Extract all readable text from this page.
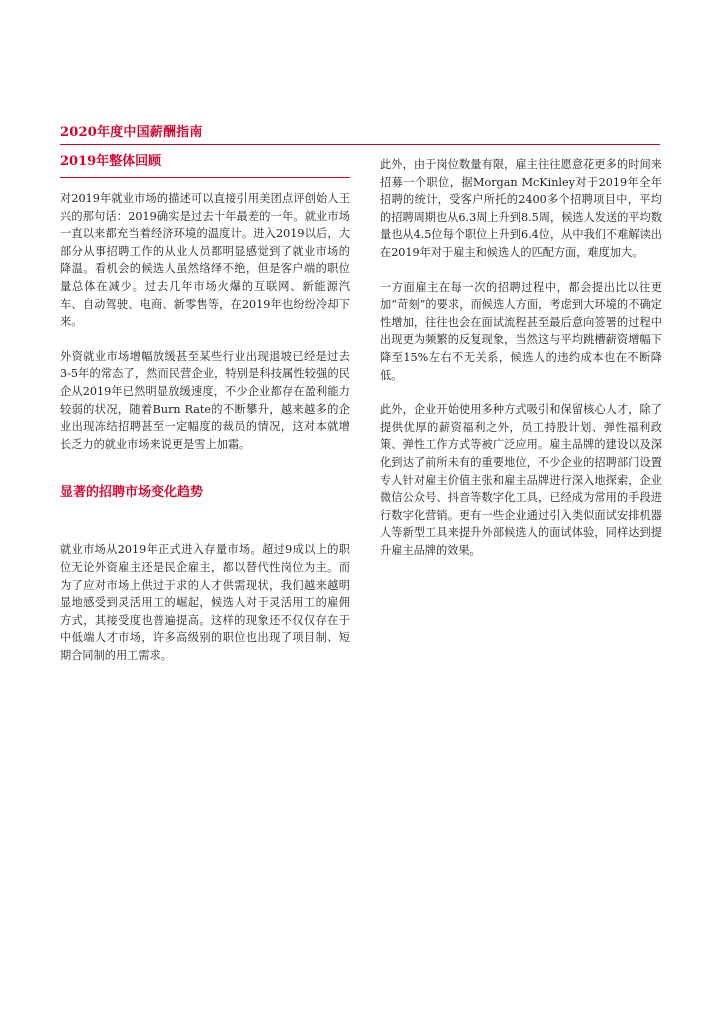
2020年度中国薪酬指南
2019年整体回顾

对2019年就业市场的描述可以直接引用美团点评创始人王兴的那句话：2019确实是过去十年最差的一年。就业市场一直以来都充当着经济环境的温度计。进入2019以后，大部分从事招聘工作的从业人员都明显感觉到了就业市场的降温。看机会的候选人虽然络绎不绝，但是客户端的职位量总体在减少。过去几年市场火爆的互联网、新能源汽车、自动驾驶、电商、新零售等，在2019年也纷纷冷却下来。

外资就业市场增幅放缓甚至某些行业出现退坡已经是过去3-5年的常态了，然而民营企业，特别是科技属性较强的民企从2019年已然明显放缓速度，不少企业都存在盈利能力较弱的状况，随着Burn Rate的不断攀升，越来越多的企业出现冻结招聘甚至一定幅度的裁员的情况，这对本就增长乏力的就业市场来说更是雪上加霜。

显著的招聘市场变化趋势

就业市场从2019年正式进入存量市场。超过9成以上的职位无论外资雇主还是民企雇主，都以替代性岗位为主。而为了应对市场上供过于求的人才供需现状，我们越来越明显地感受到灵活用工的崛起，候选人对于灵活用工的雇佣方式，其接受度也普遍提高。这样的现象还不仅仅存在于中低端人才市场，许多高级别的职位也出现了项目制、短期合同制的用工需求。

此外，由于岗位数量有限，雇主往往愿意花更多的时间来招募一个职位，据Morgan McKinley对于2019年全年招聘的统计，受客户所托的2400多个招聘项目中，平均的招聘周期也从6.3周上升到8.5周，候选人发送的平均数量也从4.5位每个职位上升到6.4位，从中我们不难解读出在2019年对于雇主和候选人的匹配方面，难度加大。

一方面雇主在每一次的招聘过程中，都会提出比以往更加“苛刻”的要求，而候选人方面，考虑到大环境的不确定性增加，往往也会在面试流程甚至最后意向签署的过程中出现更为频繁的反复现象，当然这与平均跳槽薪资增幅下降至15%左右不无关系，候选人的违约成本也在不断降低。

此外，企业开始使用多种方式吸引和保留核心人才，除了提供优厚的薪资福利之外，员工持股计划、弹性福利政策、弹性工作方式等被广泛应用。雇主品牌的建设以及深化到达了前所未有的重要地位，不少企业的招聘部门设置专人针对雇主价值主张和雇主品牌进行深入地探索，企业微信公众号、抖音等数字化工具，已经成为常用的手段进行数字化营销。更有一些企业通过引入类似面试安排机器人等新型工具来提升外部候选人的面试体验，同样达到提升雇主品牌的效果。
